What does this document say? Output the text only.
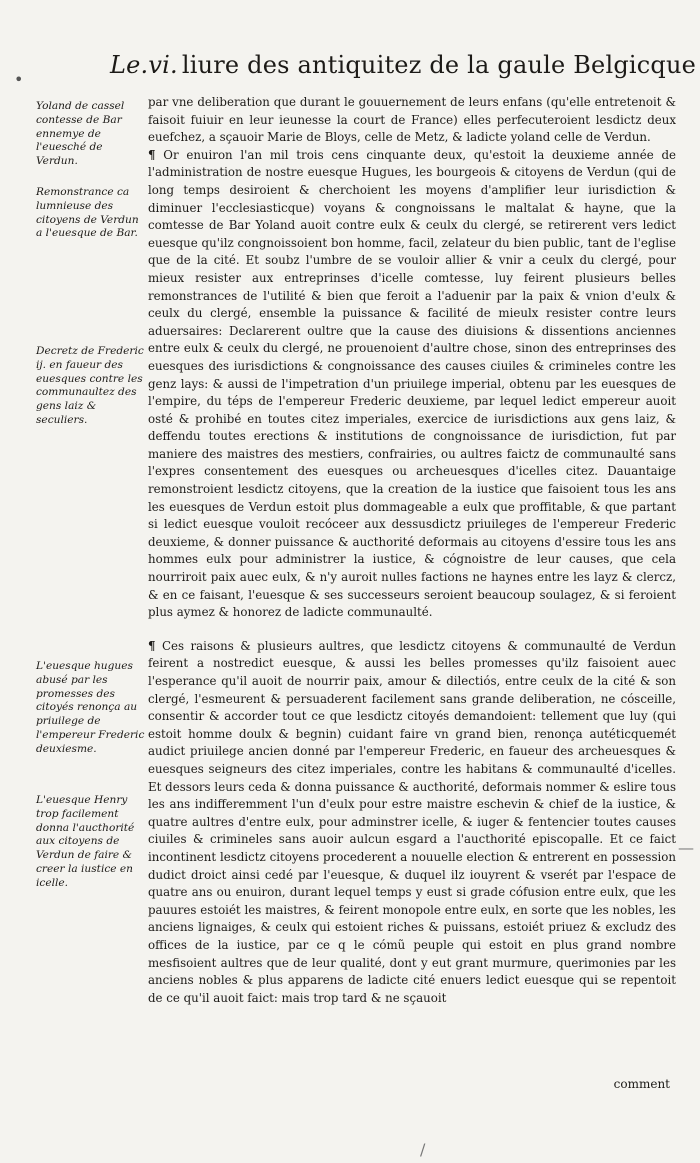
•
Le.vi. liure des antiquitez de la gaule Belgicque
Yoland de cassel contesse de Bar ennemye de l'euesché de Verdun.
Remonstrance ca lumnieuse des citoyens de Verdun a l'euesque de Bar.
Decretz de Frederic ij. en faueur des euesques contre les communaultez des gens laiz & seculiers.
L'euesque hugues abusé par les promesses des citoyés renonça au priuilege de l'empereur Frederic deuxiesme.
L'euesque Henry trop facilement donna l'aucthorité aux citoyens de Verdun de faire & creer la iustice en icelle.

par vne deliberation que durant le gouuernement de leurs enfans (qu'elle entretenoit & faisoit fuiuir en leur ieunesse la court de France) elles perfecuteroient lesdictz deux euefchez, a sçauoir Marie de Bloys, celle de Metz, & ladicte yoland celle de Verdun.

¶ Or enuiron l'an mil trois cens cinquante deux, qu'estoit la deuxieme année de l'administration de nostre euesque Hugues, les bourgeois & citoyens de Verdun (qui de long temps desiroient & cherchoient les moyens d'amplifier leur iurisdiction & diminuer l'ecclesiasticque) voyans & congnoissans le maltalat & hayne, que la comtesse de Bar Yoland auoit contre eulx & ceulx du clergé, se retirerent vers ledict euesque qu'ilz congnoissoient bon homme, facil, zelateur du bien public, tant de l'eglise que de la cité. Et soubz l'umbre de se vouloir allier & vnir a ceulx du clergé, pour mieux resister aux entreprinses d'icelle comtesse, luy feirent plusieurs belles remonstrances de l'utilité & bien que feroit a l'aduenir par la paix & vnion d'eulx & ceulx du clergé, ensemble la puissance & facilité de mieulx resister contre leurs aduersaires: Declarerent oultre que la cause des diuisions & dissentions anciennes entre eulx & ceulx du clergé, ne prouenoient d'aultre chose, sinon des entreprinses des euesques des iurisdictions & congnoissance des causes ciuiles & crimineles contre les genz lays: & aussi de l'impetration d'un priuilege imperial, obtenu par les euesques de l'empire, du téps de l'empereur Frederic deuxieme, par lequel ledict empereur auoit osté & prohibé en toutes citez imperiales, exercice de iurisdictions aux gens laiz, & deffendu toutes erections & institutions de congnoissance de iurisdiction, fut par maniere des maistres des mestiers, confrairies, ou aultres faictz de communaulté sans l'expres consentement des euesques ou archeuesques d'icelles citez. Dauantaige remonstroient lesdictz citoyens, que la creation de la iustice que faisoient tous les ans les euesques de Verdun estoit plus dommageable a eulx que proffitable, & que partant si ledict euesque vouloit recóceer aux dessusdictz priuileges de l'empereur Frederic deuxieme, & donner puissance & aucthorité deformais au citoyens d'essire tous les ans hommes eulx pour administrer la iustice, & cógnoistre de leur causes, que cela nourriroit paix auec eulx, & n'y auroit nulles factions ne haynes entre les layz & clercz, & en ce faisant, l'euesque & ses successeurs seroient beaucoup soulagez, & si feroient plus aymez & honorez de ladicte communaulté.

¶ Ces raisons & plusieurs aultres, que lesdictz citoyens & communaulté de Verdun feirent a nostredict euesque, & aussi les belles promesses qu'ilz faisoient auec l'esperance qu'il auoit de nourrir paix, amour & dilectiós, entre ceulx de la cité & son clergé, l'esmeurent & persuaderent facilement sans grande deliberation, ne cósceille, consentir & accorder tout ce que lesdictz citoyés demandoient: tellement que luy (qui estoit homme doulx & begnin) cuidant faire vn grand bien, renonça autéticquemét audict priuilege ancien donné par l'empereur Frederic, en faueur des archeuesques & euesques seigneurs des citez imperiales, contre les habitans & communaulté d'icelles. Et dessors leurs ceda & donna puissance & aucthorité, deformais nommer & eslire tous les ans indifferemment l'un d'eulx pour estre maistre eschevin & chief de la iustice, & quatre aultres d'entre eulx, pour adminstrer icelle, & iuger & fentencier toutes causes ciuiles & crimineles sans auoir aulcun esgard a l'aucthorité episcopalle. Et ce faict incontinent lesdictz citoyens procederent a nouuelle election & entrerent en possession dudict droict ainsi cedé par l'euesque, & duquel ilz iouyrent & vserét par l'espace de quatre ans ou enuiron, durant lequel temps y eust si grade cófusion entre eulx, que les pauures estoiét les maistres, & feirent monopole entre eulx, en sorte que les nobles, les anciens lignaiges, & ceulx qui estoient riches & puissans, estoiét priuez & excludz des offices de la iustice, par ce q le cómũ peuple qui estoit en plus grand nombre mesfisoient aultres que de leur qualité, dont y eut grant murmure, querimonies par les anciens nobles & plus apparens de ladicte cité enuers ledict euesque qui se repentoit de ce qu'il auoit faict: mais trop tard & ne sçauoit

comment
—
/
